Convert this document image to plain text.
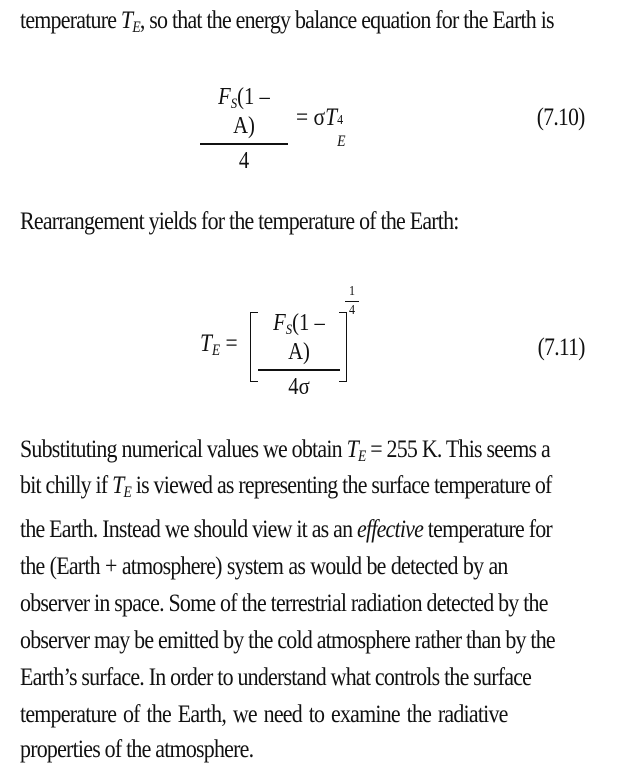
temperature $T_E$, so that the energy balance equation for the Earth is
$F_S(1 - A)$
4
= σT 4
E
(7.10)
Rearrangement yields for the temperature of the Earth:
$T_E$ =
$F_S(1 - A)$
4σ
1
4
(7.11)
Substituting numerical values we obtain $T_E = 255$ K. This seems a
bit chilly if $T_E$ is viewed as representing the surface temperature of
the Earth. Instead we should view it as an effective temperature for
the (Earth + atmosphere) system as would be detected by an
observer in space. Some of the terrestrial radiation detected by the
observer may be emitted by the cold atmosphere rather than by the
Earth’s surface. In order to understand what controls the surface
temperature of the Earth, we need to examine the radiative
properties of the atmosphere.
